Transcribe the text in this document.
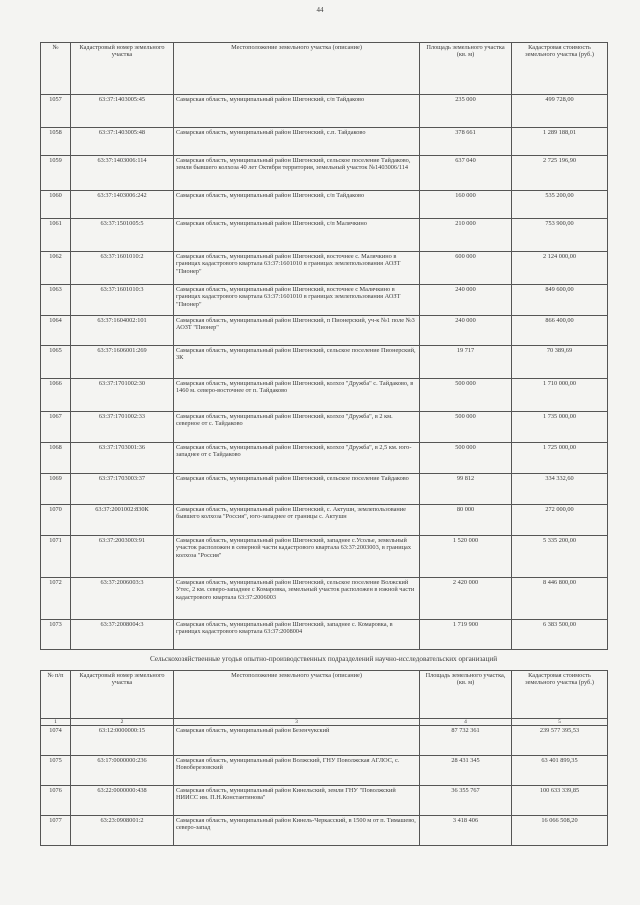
44
№	Кадастровый номер земельного участка	Местоположение земельного участка (описание)	Площадь земельного участка (кв. м)	Кадастровая стоимость земельного участка (руб.)
1057	63:37:1403005:45	Самарская область, муниципальный район Шигонский, с/п Тайдаково	235 000	499 728,00
1058	63:37:1403005:48	Самарская область, муниципальный район Шигонский, с.п. Тайдаково	378 661	1 289 188,01
1059	63:37:1403006:114	Самарская область, муниципальный район Шигонский, сельское поселение Тайдаково, земли бывшего колхоза 40 лет Октября территория, земельный участок №1403006/114	637 040	2 725 196,90
1060	63:37:1403006:242	Самарская область, муниципальный район Шигонский, с/п Тайдаково	160 000	535 200,00
1061	63:37:1501005:5	Самарская область, муниципальный район Шигонский, с/п Малячкино	210 000	753 900,00
1062	63:37:1601010:2	Самарская область, муниципальный район Шигонский, восточнее с. Малячкино в границах кадастрового квартала 63:37:1601010 в границах землепользования АОЗТ "Пионер"	600 000	2 124 000,00
1063	63:37:1601010:3	Самарская область, муниципальный район Шигонский, восточнее с Малячкино в границах кадастрового квартала 63:37:1601010 в границах землепользования АОЗТ "Пионер"	240 000	849 600,00
1064	63:37:1604002:101	Самарская область, муниципальный район Шигонский, п Пионерский, уч-к №1 поле №3 АОЗТ "Пионер"	240 000	866 400,00
1065	63:37:1606001:269	Самарская область, муниципальный район Шигонский, сельское поселение Пионерский, 3К	19 717	70 389,69
1066	63:37:1701002:30	Самарская область, муниципальный район Шигонский, колхоз "Дружба" с. Тайдаково, в 1460 м. северо-восточнее от п. Тайдаково	500 000	1 710 000,00
1067	63:37:1701002:33	Самарская область, муниципальный район Шигонский, колхоз "Дружба", в 2 км. северное от с. Тайдаково	500 000	1 735 000,00
1068	63:37:1703001:36	Самарская область, муниципальный район Шигонский, колхоз "Дружба", в 2,5 км. юго-западнее от с Тайдаково	500 000	1 725 000,00
1069	63:37:1703003:37	Самарская область, муниципальный район Шигонский, сельское поселение Тайдаково	99 812	334 332,60
1070	63:37:2001002:830К	Самарская область, муниципальный район Шигонский, с. Актушн, землепользование бывшего колхоза "Россия", юго-западнее от границы с. Актушн	80 000	272 000,00
1071	63:37:2003003:91	Самарская область, муниципальный район Шигонский, западнее с.Усолье, земельный участок расположен в северной части кадастрового квартала 63:37:2003003, в границах колхоза "Россия"	1 520 000	5 335 200,00
1072	63:37:2006003:3	Самарская область, муниципальный район Шигонский, сельское поселение Волжский Утес, 2 км. северо-западнее с Комаровка, земельный участок расположен в южной части кадастрового квартала 63:37:2006003	2 420 000	8 446 800,00
1073	63:37:2008004:3	Самарская область, муниципальный район Шигонский, западнее с. Комаровка, в границах кадастрового квартала 63:37:2008004	1 719 900	6 383 500,00
Сельскохозяйственные угодья опытно-производственных подразделений научно-исследовательских организаций
№ п/п	Кадастровый номер земельного участка	Местоположение земельного участка (описание)	Площадь земельного участка, (кв. м)	Кадастровая стоимость земельного участка (руб.)
1	2	3	4	5
1074	63:12:0000000:15	Самарская область, муниципальный район Безенчукский	87 732 361	239 577 395,53
1075	63:17:0000000:236	Самарская область, муниципальный район Волжский, ГНУ Поволжская АГЛОС, с. Новоберезовский	28 431 345	63 401 899,35
1076	63:22:0000000:438	Самарская область, муниципальный район Кинельский, земли ГНУ "Поволжский НИИСС им. П.Н.Константинова"	36 355 767	100 633 339,85
1077	63:23:0908001:2	Самарская область, муниципальный район Кинель-Черкасский, в 1500 м от п. Тимашево, северо-запад	3 418 406	16 066 508,20
